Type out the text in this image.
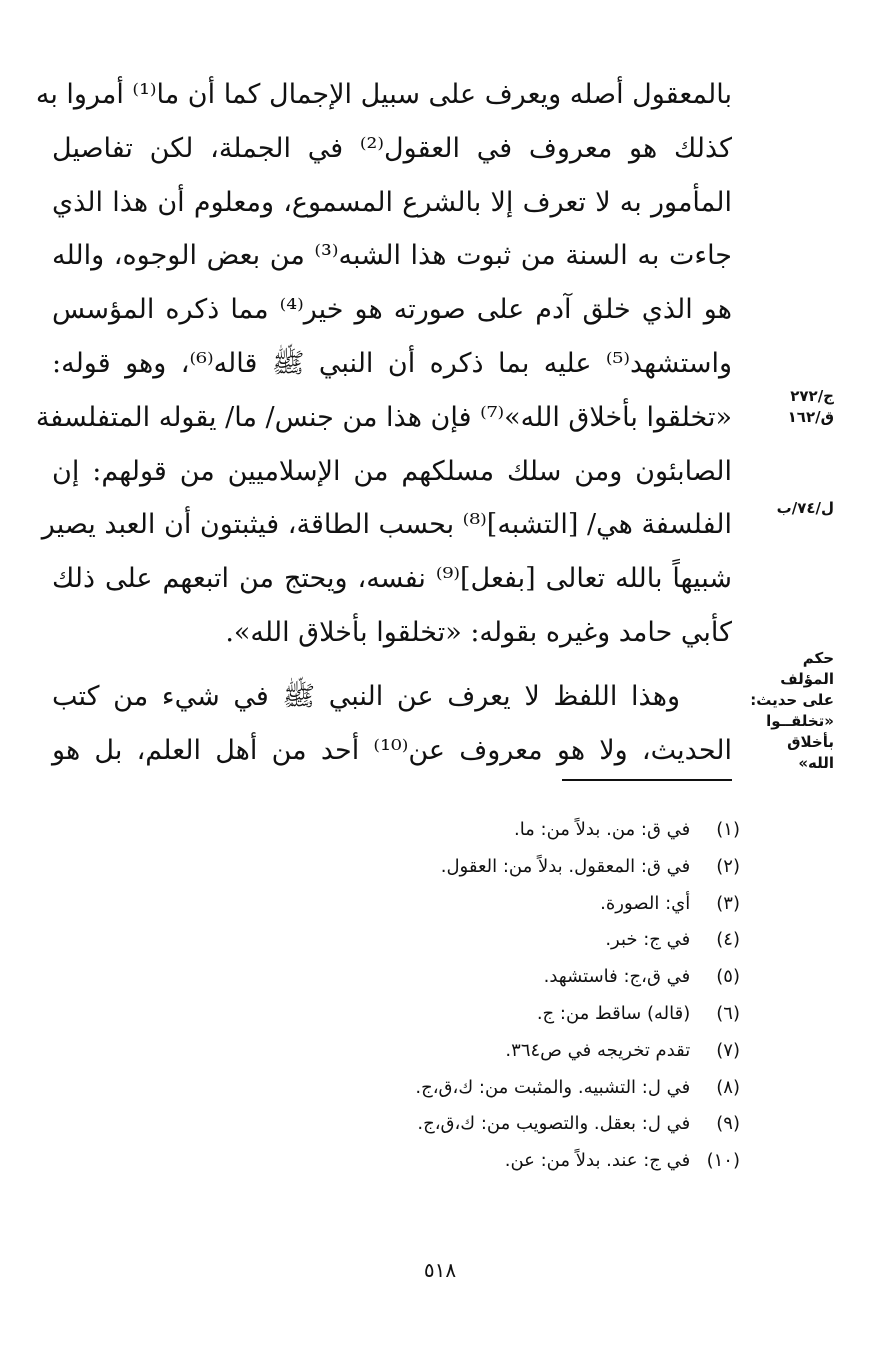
بالمعقول أصله ويعرف على سبيل الإجمال كما أن ما⁽¹⁾ أمروا به
كذلك هو معروف في العقول⁽²⁾ في الجملة، لكن تفاصيل
المأمور به لا تعرف إلا بالشرع المسموع، ومعلوم أن هذا الذي
جاءت به السنة من ثبوت هذا الشبه⁽³⁾ من بعض الوجوه، والله
هو الذي خلق آدم على صورته هو خير⁽⁴⁾ مما ذكره المؤسس
واستشهد⁽⁵⁾ عليه بما ذكره أن النبي ﷺ قاله⁽⁶⁾، وهو قوله:
«تخلقوا بأخلاق الله»⁽⁷⁾ فإن هذا من جنس/ ما/ يقوله المتفلسفة
الصابئون ومن سلك مسلكهم من الإسلاميين من قولهم: إن
الفلسفة هي/ [التشبه]⁽⁸⁾ بحسب الطاقة، فيثبتون أن العبد يصير
شبيهاً بالله تعالى [بفعل]⁽⁹⁾ نفسه، ويحتج من اتبعهم على ذلك
كأبي حامد وغيره بقوله: «تخلقوا بأخلاق الله».
وهذا اللفظ لا يعرف عن النبي ﷺ في شيء من كتب
الحديث، ولا هو معروف عن⁽¹⁰⁾ أحد من أهل العلم، بل هو
ج/٢٧٢
ق/١٦٢
ل/٧٤/ب
حكم المؤلف
على حديث:
«تخلقــوا
بأخلاق الله»
(١) في ق: من. بدلاً من: ما.
(٢) في ق: المعقول. بدلاً من: العقول.
(٣) أي: الصورة.
(٤) في ج: خبر.
(٥) في ق،ج: فاستشهد.
(٦) (قاله) ساقط من: ج.
(٧) تقدم تخريجه في ص٣٦٤.
(٨) في ل: التشبيه. والمثبت من: ك،ق،ج.
(٩) في ل: بعقل. والتصويب من: ك،ق،ج.
(١٠) في ج: عند. بدلاً من: عن.
٥١٨
